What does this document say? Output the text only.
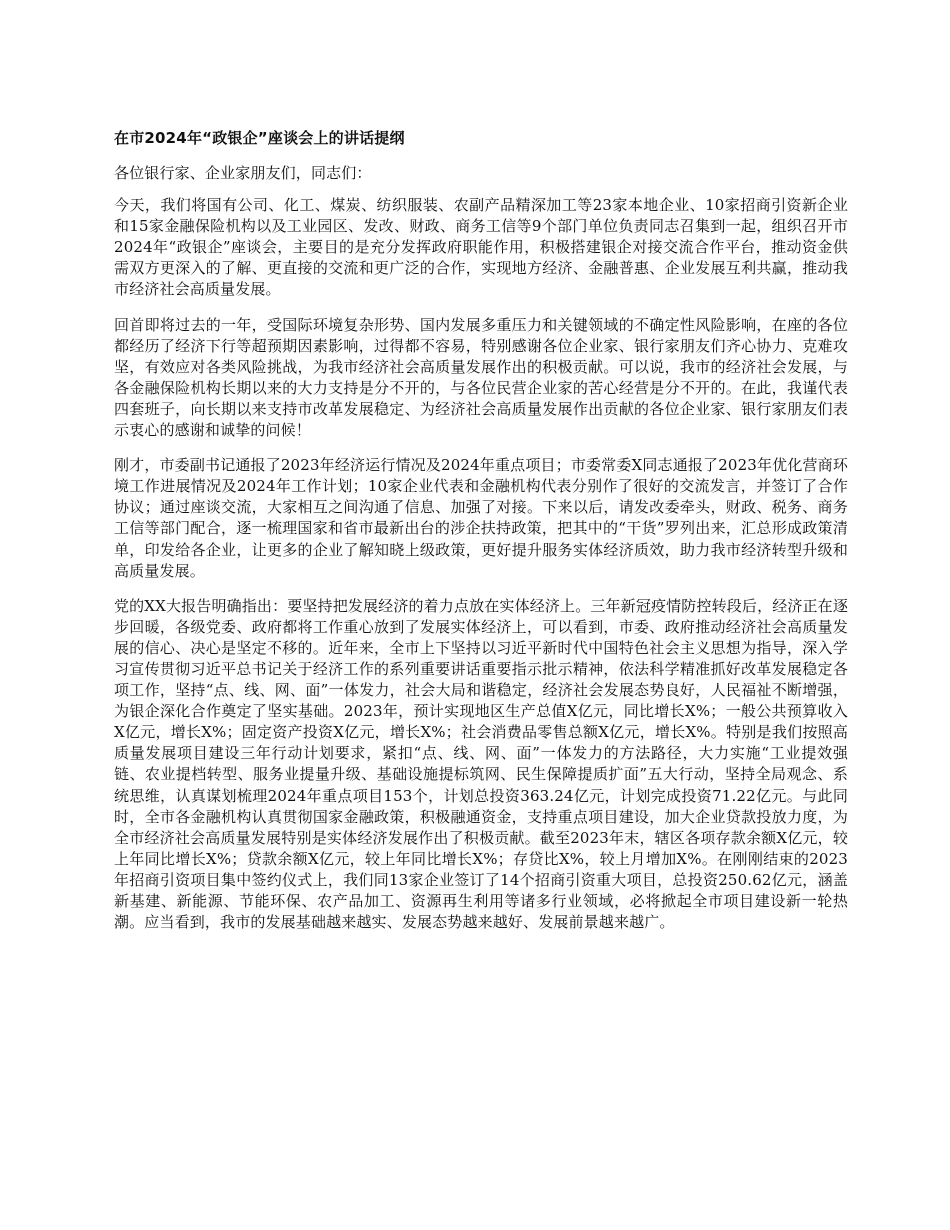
在市2024年“政银企”座谈会上的讲话提纲

各位银行家、企业家朋友们，同志们：

今天，我们将国有公司、化工、煤炭、纺织服装、农副产品精深加工等23家本地企业、10家招商引资新企业和15家金融保险机构以及工业园区、发改、财政、商务工信等9个部门单位负责同志召集到一起，组织召开市2024年“政银企”座谈会，主要目的是充分发挥政府职能作用，积极搭建银企对接交流合作平台，推动资金供需双方更深入的了解、更直接的交流和更广泛的合作，实现地方经济、金融普惠、企业发展互利共赢，推动我市经济社会高质量发展。

回首即将过去的一年，受国际环境复杂形势、国内发展多重压力和关键领域的不确定性风险影响，在座的各位都经历了经济下行等超预期因素影响，过得都不容易，特别感谢各位企业家、银行家朋友们齐心协力、克难攻坚，有效应对各类风险挑战，为我市经济社会高质量发展作出的积极贡献。可以说，我市的经济社会发展，与各金融保险机构长期以来的大力支持是分不开的，与各位民营企业家的苦心经营是分不开的。在此，我谨代表四套班子，向长期以来支持市改革发展稳定、为经济社会高质量发展作出贡献的各位企业家、银行家朋友们表示衷心的感谢和诚挚的问候！

刚才，市委副书记通报了2023年经济运行情况及2024年重点项目；市委常委X同志通报了2023年优化营商环境工作进展情况及2024年工作计划；10家企业代表和金融机构代表分别作了很好的交流发言，并签订了合作协议；通过座谈交流，大家相互之间沟通了信息、加强了对接。下来以后，请发改委牵头，财政、税务、商务工信等部门配合，逐一梳理国家和省市最新出台的涉企扶持政策，把其中的“干货”罗列出来，汇总形成政策清单，印发给各企业，让更多的企业了解知晓上级政策，更好提升服务实体经济质效，助力我市经济转型升级和高质量发展。

党的XX大报告明确指出：要坚持把发展经济的着力点放在实体经济上。三年新冠疫情防控转段后，经济正在逐步回暖，各级党委、政府都将工作重心放到了发展实体经济上，可以看到，市委、政府推动经济社会高质量发展的信心、决心是坚定不移的。近年来，全市上下坚持以习近平新时代中国特色社会主义思想为指导，深入学习宣传贯彻习近平总书记关于经济工作的系列重要讲话重要指示批示精神，依法科学精准抓好改革发展稳定各项工作，坚持“点、线、网、面”一体发力，社会大局和谐稳定，经济社会发展态势良好，人民福祉不断增强，为银企深化合作奠定了坚实基础。2023年，预计实现地区生产总值X亿元，同比增长X%；一般公共预算收入X亿元，增长X%；固定资产投资X亿元，增长X%；社会消费品零售总额X亿元，增长X%。特别是我们按照高质量发展项目建设三年行动计划要求，紧扣“点、线、网、面”一体发力的方法路径，大力实施“工业提效强链、农业提档转型、服务业提量升级、基础设施提标筑网、民生保障提质扩面”五大行动，坚持全局观念、系统思维，认真谋划梳理2024年重点项目153个，计划总投资363.24亿元，计划完成投资71.22亿元。与此同时，全市各金融机构认真贯彻国家金融政策，积极融通资金，支持重点项目建设，加大企业贷款投放力度，为全市经济社会高质量发展特别是实体经济发展作出了积极贡献。截至2023年末，辖区各项存款余额X亿元，较上年同比增长X%；贷款余额X亿元，较上年同比增长X%；存贷比X%，较上月增加X%。在刚刚结束的2023年招商引资项目集中签约仪式上，我们同13家企业签订了14个招商引资重大项目，总投资250.62亿元，涵盖新基建、新能源、节能环保、农产品加工、资源再生利用等诸多行业领域，必将掀起全市项目建设新一轮热潮。应当看到，我市的发展基础越来越实、发展态势越来越好、发展前景越来越广。
